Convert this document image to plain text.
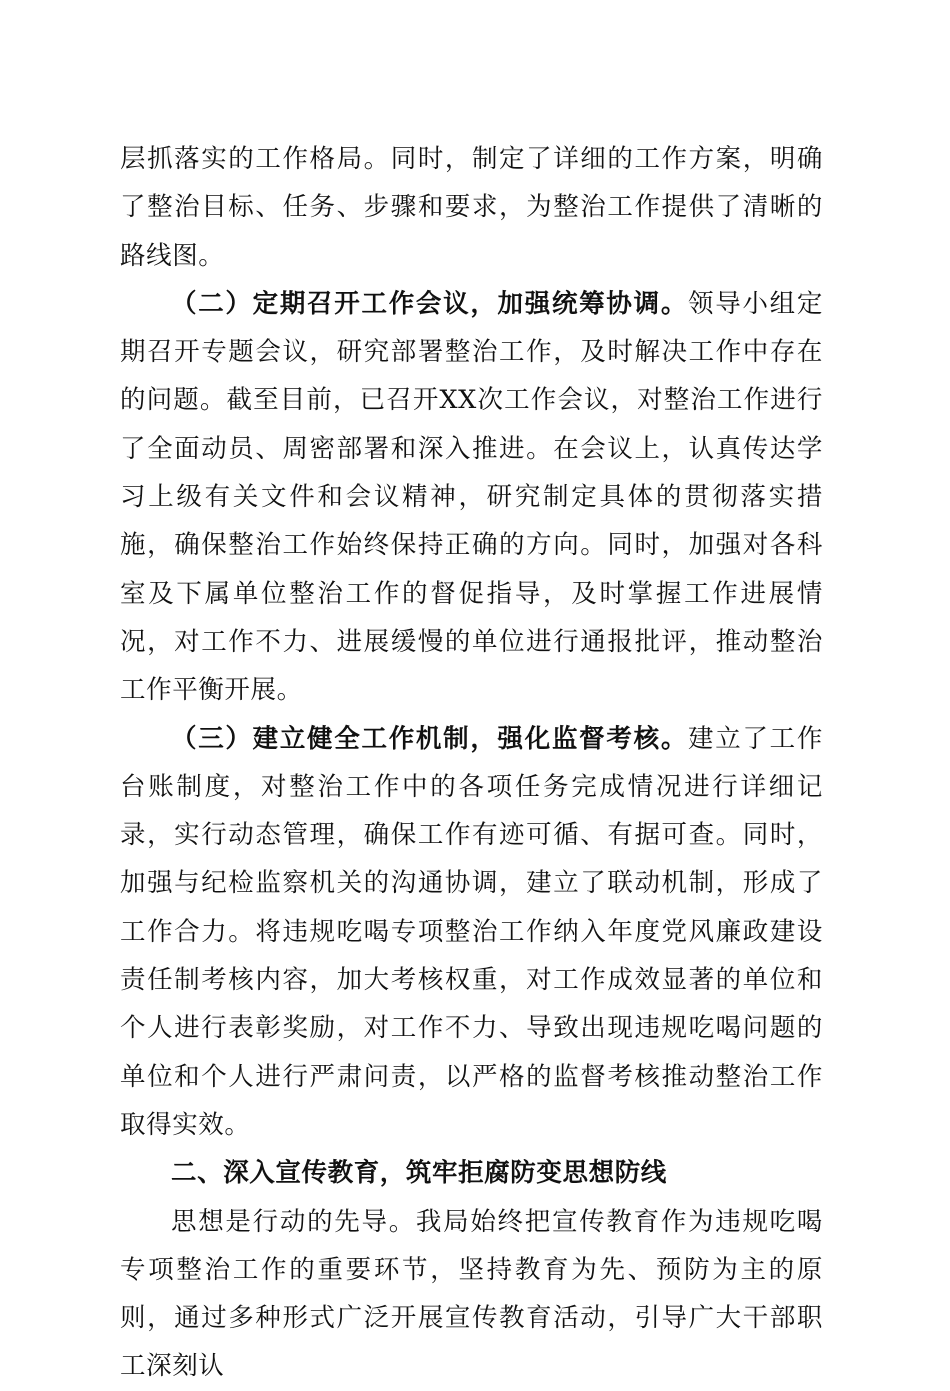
层抓落实的工作格局。同时，制定了详细的工作方案，明确了整治目标、任务、步骤和要求，为整治工作提供了清晰的路线图。

（二）定期召开工作会议，加强统筹协调。领导小组定期召开专题会议，研究部署整治工作，及时解决工作中存在的问题。截至目前，已召开XX次工作会议，对整治工作进行了全面动员、周密部署和深入推进。在会议上，认真传达学习上级有关文件和会议精神，研究制定具体的贯彻落实措施，确保整治工作始终保持正确的方向。同时，加强对各科室及下属单位整治工作的督促指导，及时掌握工作进展情况，对工作不力、进展缓慢的单位进行通报批评，推动整治工作平衡开展。

（三）建立健全工作机制，强化监督考核。建立了工作台账制度，对整治工作中的各项任务完成情况进行详细记录，实行动态管理，确保工作有迹可循、有据可查。同时，加强与纪检监察机关的沟通协调，建立了联动机制，形成了工作合力。将违规吃喝专项整治工作纳入年度党风廉政建设责任制考核内容，加大考核权重，对工作成效显著的单位和个人进行表彰奖励，对工作不力、导致出现违规吃喝问题的单位和个人进行严肃问责，以严格的监督考核推动整治工作取得实效。

二、深入宣传教育，筑牢拒腐防变思想防线

思想是行动的先导。我局始终把宣传教育作为违规吃喝专项整治工作的重要环节，坚持教育为先、预防为主的原则，通过多种形式广泛开展宣传教育活动，引导广大干部职工深刻认
